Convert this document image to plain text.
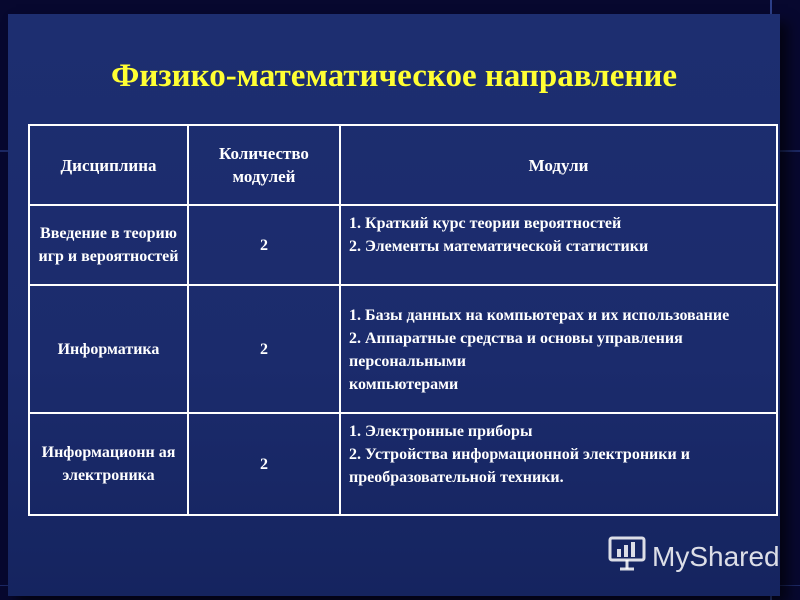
Физико-математическое направление
Дисциплина	Количество модулей	Модули
Введение в теорию игр и вероятностей	2	1. Краткий курс теории вероятностей
2. Элементы математической статистики

Информатика	2	1. Базы данных на компьютерах и их использование
2. Аппаратные средства и основы управления персональными
компьютерами

Информационн ая электроника	2	1. Электронные приборы
2. Устройства информационной электроники и преобразовательной техники.
MyShared
